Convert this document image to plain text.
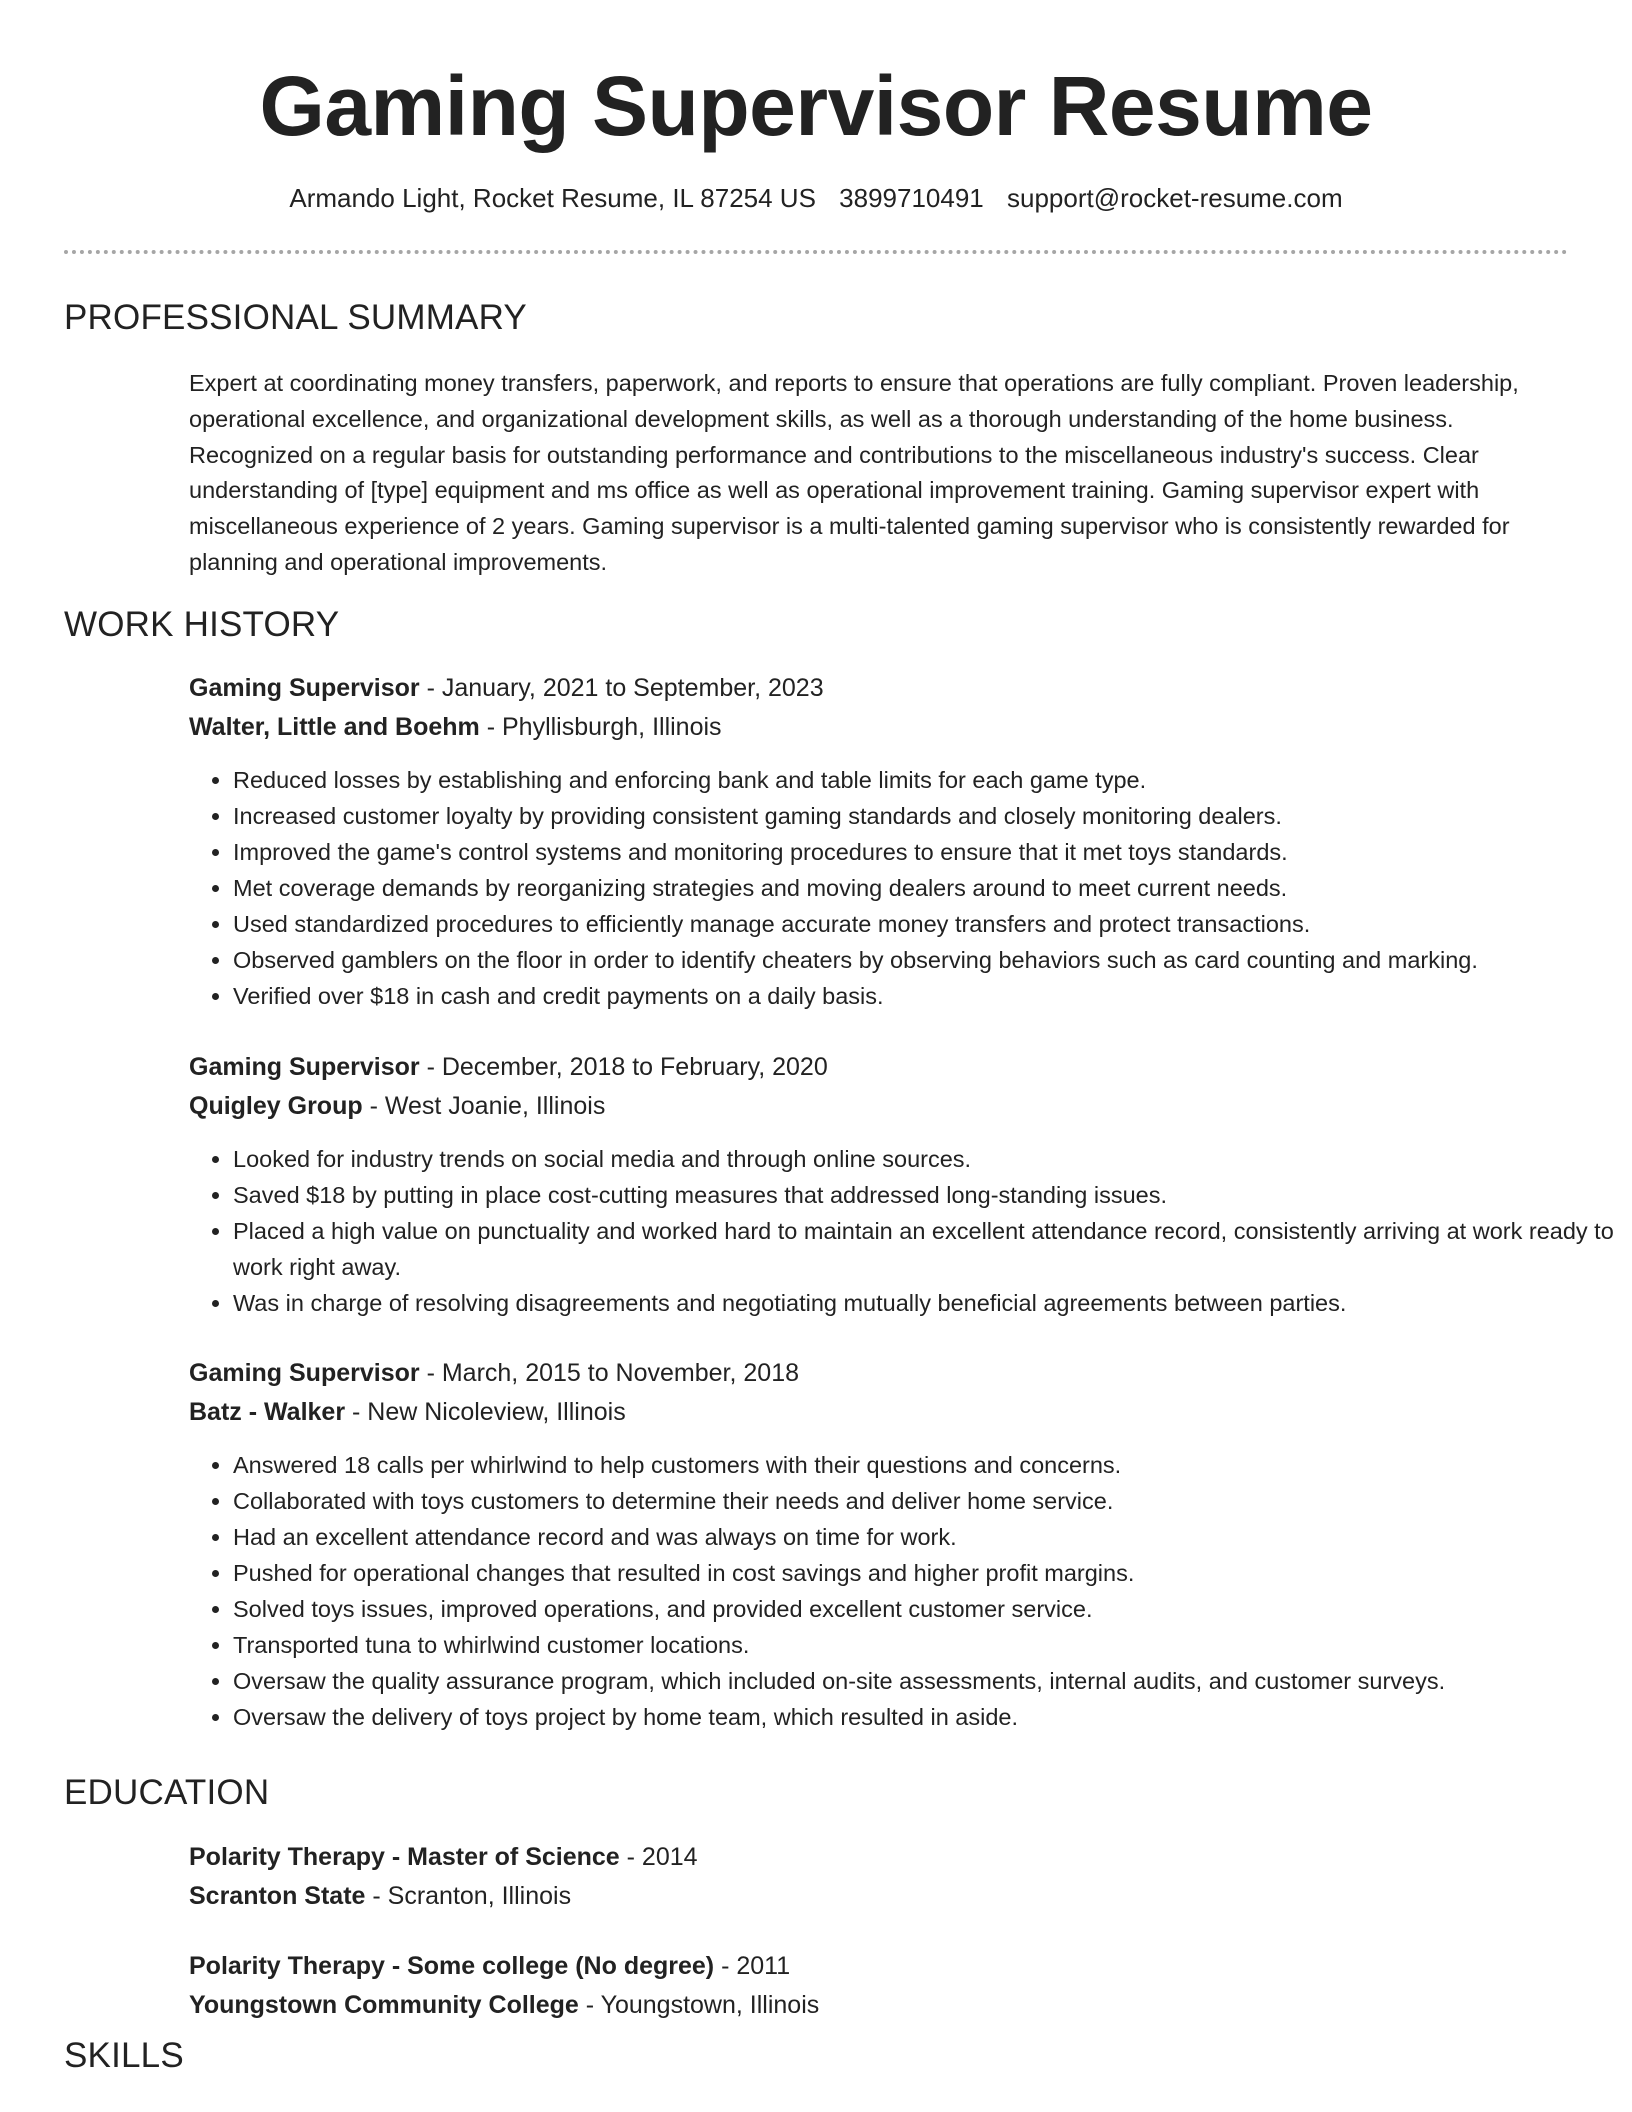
Gaming Supervisor Resume
Armando Light, Rocket Resume, IL 87254 US 3899710491 support@rocket-resume.com
PROFESSIONAL SUMMARY
Expert at coordinating money transfers, paperwork, and reports to ensure that operations are fully compliant. Proven leadership, operational excellence, and organizational development skills, as well as a thorough understanding of the home business. Recognized on a regular basis for outstanding performance and contributions to the miscellaneous industry's success. Clear understanding of [type] equipment and ms office as well as operational improvement training. Gaming supervisor expert with miscellaneous experience of 2 years. Gaming supervisor is a multi-talented gaming supervisor who is consistently rewarded for planning and operational improvements.
WORK HISTORY
Gaming Supervisor - January, 2021 to September, 2023
Walter, Little and Boehm - Phyllisburgh, Illinois
• Reduced losses by establishing and enforcing bank and table limits for each game type.
• Increased customer loyalty by providing consistent gaming standards and closely monitoring dealers.
• Improved the game's control systems and monitoring procedures to ensure that it met toys standards.
• Met coverage demands by reorganizing strategies and moving dealers around to meet current needs.
• Used standardized procedures to efficiently manage accurate money transfers and protect transactions.
• Observed gamblers on the floor in order to identify cheaters by observing behaviors such as card counting and marking.
• Verified over $18 in cash and credit payments on a daily basis.
Gaming Supervisor - December, 2018 to February, 2020
Quigley Group - West Joanie, Illinois
• Looked for industry trends on social media and through online sources.
• Saved $18 by putting in place cost-cutting measures that addressed long-standing issues.
• Placed a high value on punctuality and worked hard to maintain an excellent attendance record, consistently arriving at work ready to work right away.
• Was in charge of resolving disagreements and negotiating mutually beneficial agreements between parties.
Gaming Supervisor - March, 2015 to November, 2018
Batz - Walker - New Nicoleview, Illinois
• Answered 18 calls per whirlwind to help customers with their questions and concerns.
• Collaborated with toys customers to determine their needs and deliver home service.
• Had an excellent attendance record and was always on time for work.
• Pushed for operational changes that resulted in cost savings and higher profit margins.
• Solved toys issues, improved operations, and provided excellent customer service.
• Transported tuna to whirlwind customer locations.
• Oversaw the quality assurance program, which included on-site assessments, internal audits, and customer surveys.
• Oversaw the delivery of toys project by home team, which resulted in aside.
EDUCATION
Polarity Therapy - Master of Science - 2014
Scranton State - Scranton, Illinois
Polarity Therapy - Some college (No degree) - 2011
Youngstown Community College - Youngstown, Illinois
SKILLS
